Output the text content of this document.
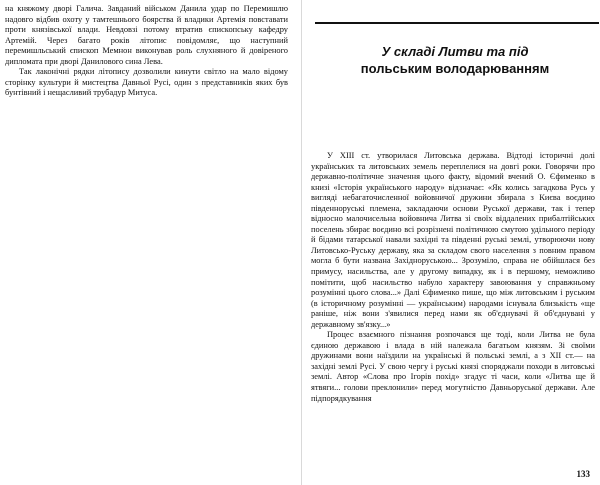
на княжому дворі Галича. Завданий військом Данила удар по Перемишлю надовго відбив охоту у тамтешнього боярства й владики Артемія повставати проти князівської влади. Невдовзі потому втратив єпископську кафедру Артемій. Через багато років літопис повідомляє, що наступний перемишльський єпископ Мемнон виконував роль слухняного й довіреного дипломата при дворі Данилового сина Лева.

Так лаконічні рядки літопису дозволили кинути світло на мало відому сторінку культури й мистецтва Давньої Русі, один з представників яких був бунтівний і нещасливий трубадур Митуса.

У складі Литви та під
польським володарюванням

У XIII ст. утворилася Литовська держава. Відтоді історичні долі українських та литовських земель переплелися на довгі роки. Говорячи про державно-політичне значення цього факту, відомий вчений О. Єфименко в книзі «Історія українського народу» відзначає: «Як колись загадкова Русь у вигляді небагаточисленної войовничої дружини збирала з Києва воєдино південноруські племена, закладаючи основи Руської держави, так і тепер відносно малочисельна войовнича Литва зі своїх віддалених прибалтійських поселень збирає воєдино всі розрізнені політичною смутою удільного періоду й бідами татарської навали західні та південні руські землі, утворюючи нову Литовсько-Руську державу, яка за складом свого населення з повним правом могла б бути названа Західноруською... Зрозуміло, справа не обійшлася без примусу, насильства, але у другому випадку, як і в першому, неможливо помітити, щоб насильство набуло характеру завоювання у справжньому розумінні цього слова...» Далі Єфименко пише, що між литовським і руським (в історичному розумінні — українським) народами існувала близькість «ще раніше, ніж вони з'явилися перед нами як об'єднувачі й об'єднувані у державному зв'язку...»

Процес взаємного пізнання розпочався ще тоді, коли Литва не була єдиною державою і влада в ній належала багатьом князям. Зі своїми дружинами вони наїздили на українські й польські землі, а з XII ст.— на західні землі Русі. У свою чергу і руські князі споряджали походи в литовські землі. Автор «Слова про Ігорів похід» згадує ті часи, коли «Литва ще й ятвяги... голови преклонили» перед могутністю Давньоруської держави. Але підпорядкування

133
